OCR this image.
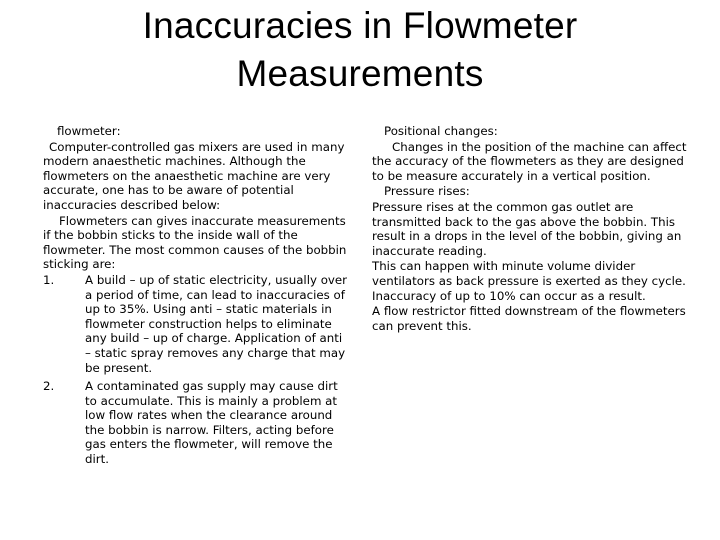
Inaccuracies in Flowmeter
Measurements

flowmeter:

Computer-controlled gas mixers are used in many modern anaesthetic machines. Although the flowmeters on the anaesthetic machine are very accurate, one has to be aware of potential inaccuracies described below:

Flowmeters can gives inaccurate measurements if the bobbin sticks to the inside wall of the flowmeter. The most common causes of the bobbin sticking are:

1.	A build – up of static electricity, usually over a period of time, can lead to inaccuracies of up to 35%. Using anti – static materials in flowmeter construction helps to eliminate any build – up of charge. Application of anti – static spray removes any charge that may be present.
2.	A contaminated gas supply may cause dirt to accumulate. This is mainly a problem at low flow rates when the clearance around the bobbin is narrow. Filters, acting before gas enters the flowmeter, will remove the dirt.

Positional changes:

Changes in the position of the machine can affect the accuracy of the flowmeters as they are designed to be measure accurately in a vertical position.

Pressure rises:

Pressure rises at the common gas outlet are transmitted back to the gas above the bobbin. This result in a drops in the level of the bobbin, giving an inaccurate reading.

This can happen with minute volume divider ventilators as back pressure is exerted as they cycle. Inaccuracy of up to 10% can occur as a result.

A flow restrictor fitted downstream of the flowmeters can prevent this.
